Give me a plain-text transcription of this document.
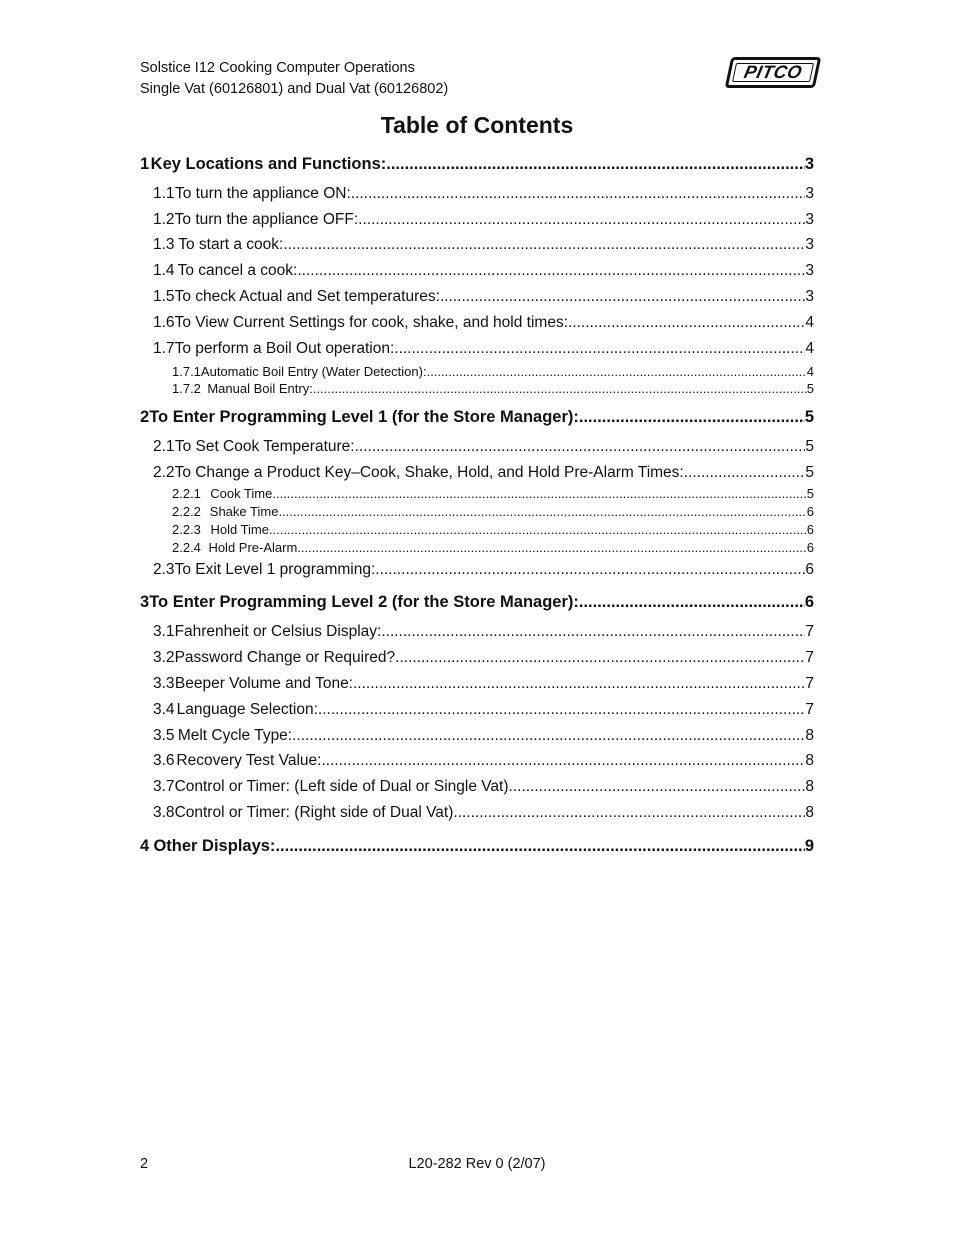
Solstice I12 Cooking Computer Operations
Single Vat (60126801) and Dual Vat (60126802)
PITCO
Table of Contents
1 Key Locations and Functions: .....	3
1.1 To turn the appliance ON: .....	3
1.2 To turn the appliance OFF: .....	3
1.3 To start a cook: .....	3
1.4 To cancel a cook: .....	3
1.5 To check Actual and Set temperatures: .....	3
1.6 To View Current Settings for cook, shake, and hold times: .....	4
1.7 To perform a Boil Out operation: .....	4
1.7.1 Automatic Boil Entry (Water Detection): .....	4
1.7.2 Manual Boil Entry: .....	5
2 To Enter Programming Level 1 (for the Store Manager): .....	5
2.1 To Set Cook Temperature: .....	5
2.2 To Change a Product Key–Cook, Shake, Hold, and Hold Pre-Alarm Times: .....	5
2.2.1 Cook Time .....	5
2.2.2 Shake Time .....	6
2.2.3 Hold Time .....	6
2.2.4 Hold Pre-Alarm .....	6
2.3 To Exit Level 1 programming: .....	6
3 To Enter Programming Level 2 (for the Store Manager): .....	6
3.1 Fahrenheit or Celsius Display: .....	7
3.2 Password Change or Required? .....	7
3.3 Beeper Volume and Tone: .....	7
3.4 Language Selection: .....	7
3.5 Melt Cycle Type: .....	8
3.6 Recovery Test Value: .....	8
3.7 Control or Timer: (Left side of Dual or Single Vat) .....	8
3.8 Control or Timer: (Right side of Dual Vat) .....	8
4 Other Displays: .....	9
2	L20-282 Rev 0 (2/07)
